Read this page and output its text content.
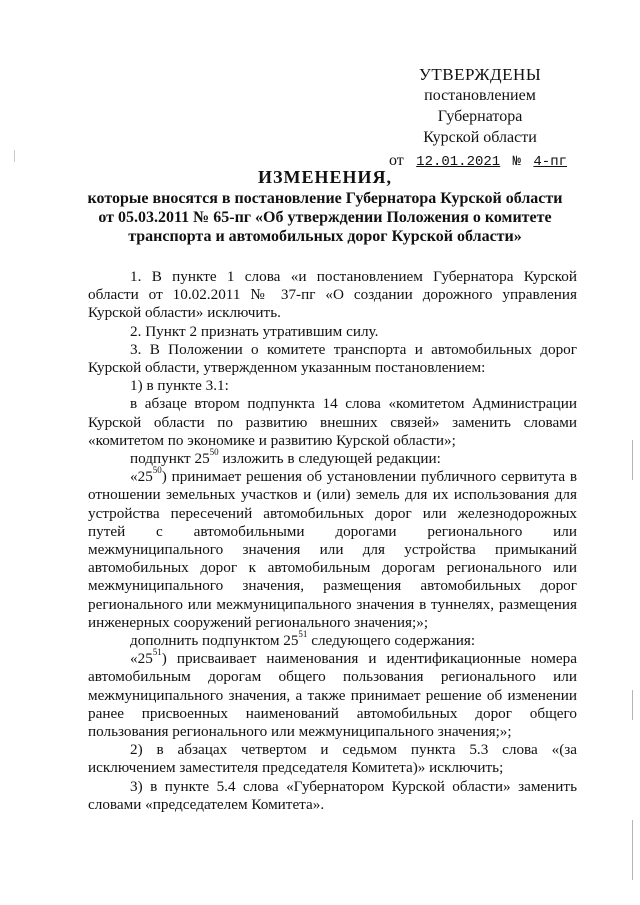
УТВЕРЖДЕНЫ
постановлением Губернатора
Курской области
от 12.01.2021 № 4-пг
ИЗМЕНЕНИЯ,
которые вносятся в постановление Губернатора Курской области
от 05.03.2011 № 65-пг «Об утверждении Положения о комитете
транспорта и автомобильных дорог Курской области»

1. В пункте 1 слова «и постановлением Губернатора Курской области от 10.02.2011 № 37-пг «О создании дорожного управления Курской области» исключить.

2. Пункт 2 признать утратившим силу.

3. В Положении о комитете транспорта и автомобильных дорог Курской области, утвержденном указанным постановлением:

1) в пункте 3.1:

в абзаце втором подпункта 14 слова «комитетом Администрации Курской области по развитию внешних связей» заменить словами «комитетом по экономике и развитию Курской области»;

подпункт $25^{50}$ изложить в следующей редакции:

«$25^{50}$) принимает решения об установлении публичного сервитута в отношении земельных участков и (или) земель для их использования для устройства пересечений автомобильных дорог или железнодорожных путей с автомобильными дорогами регионального или межмуниципального значения или для устройства примыканий автомобильных дорог к автомобильным дорогам регионального или межмуниципального значения, размещения автомобильных дорог регионального или межмуниципального значения в туннелях, размещения инженерных сооружений регионального значения;»;

дополнить подпунктом $25^{51}$ следующего содержания:

«$25^{51}$) присваивает наименования и идентификационные номера автомобильным дорогам общего пользования регионального или межмуниципального значения, а также принимает решение об изменении ранее присвоенных наименований автомобильных дорог общего пользования регионального или межмуниципального значения;»;

2) в абзацах четвертом и седьмом пункта 5.3 слова «(за исключением заместителя председателя Комитета)» исключить;

3) в пункте 5.4 слова «Губернатором Курской области» заменить словами «председателем Комитета».
